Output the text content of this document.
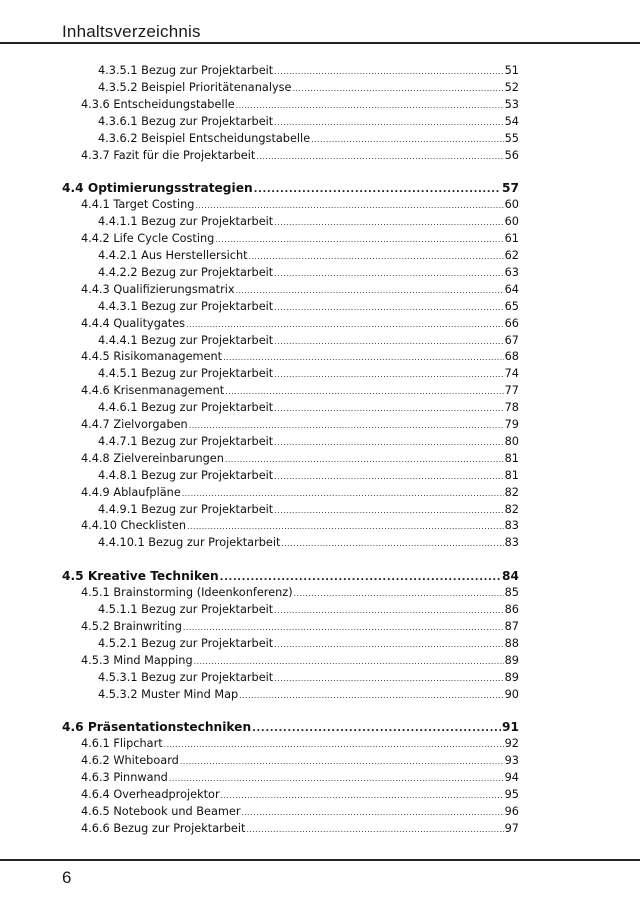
Inhaltsverzeichnis
4.3.5.1 Bezug zur Projektarbeit .....	51
4.3.5.2 Beispiel Prioritätenanalyse .....	52
4.3.6 Entscheidungstabelle .....	53
4.3.6.1 Bezug zur Projektarbeit .....	54
4.3.6.2 Beispiel Entscheidungstabelle .....	55
4.3.7 Fazit für die Projektarbeit .....	56
4.4 Optimierungsstrategien .....	57
4.4.1 Target Costing .....	60
4.4.1.1 Bezug zur Projektarbeit .....	60
4.4.2 Life Cycle Costing .....	61
4.4.2.1 Aus Herstellersicht .....	62
4.4.2.2 Bezug zur Projektarbeit .....	63
4.4.3 Qualifizierungsmatrix .....	64
4.4.3.1 Bezug zur Projektarbeit .....	65
4.4.4 Qualitygates .....	66
4.4.4.1 Bezug zur Projektarbeit .....	67
4.4.5 Risikomanagement .....	68
4.4.5.1 Bezug zur Projektarbeit .....	74
4.4.6 Krisenmanagement .....	77
4.4.6.1 Bezug zur Projektarbeit .....	78
4.4.7 Zielvorgaben .....	79
4.4.7.1 Bezug zur Projektarbeit .....	80
4.4.8 Zielvereinbarungen .....	81
4.4.8.1 Bezug zur Projektarbeit .....	81
4.4.9 Ablaufpläne .....	82
4.4.9.1 Bezug zur Projektarbeit .....	82
4.4.10 Checklisten .....	83
4.4.10.1 Bezug zur Projektarbeit .....	83
4.5 Kreative Techniken .....	84
4.5.1 Brainstorming (Ideenkonferenz) .....	85
4.5.1.1 Bezug zur Projektarbeit .....	86
4.5.2 Brainwriting .....	87
4.5.2.1 Bezug zur Projektarbeit .....	88
4.5.3 Mind Mapping .....	89
4.5.3.1 Bezug zur Projektarbeit .....	89
4.5.3.2 Muster Mind Map .....	90
4.6 Präsentationstechniken .....	91
4.6.1 Flipchart .....	92
4.6.2 Whiteboard .....	93
4.6.3 Pinnwand .....	94
4.6.4 Overheadprojektor .....	95
4.6.5 Notebook und Beamer .....	96
4.6.6 Bezug zur Projektarbeit .....	97
6
